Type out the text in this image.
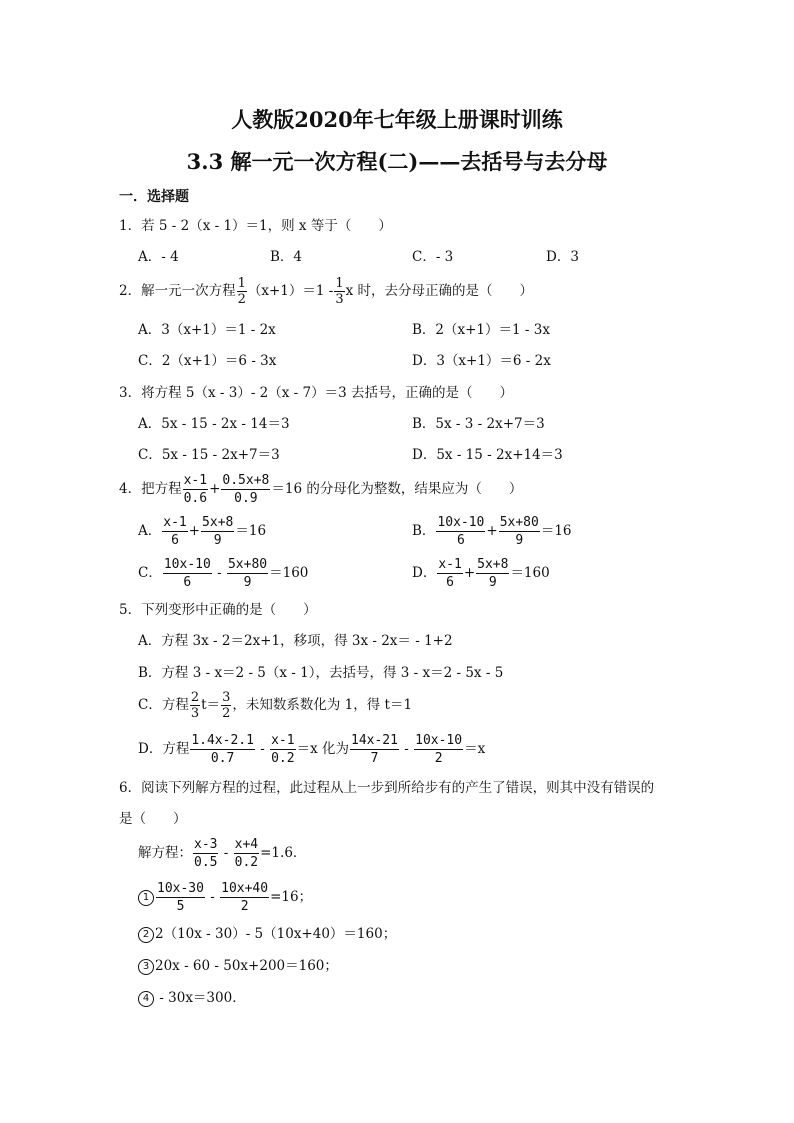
人教版2020年七年级上册课时训练
3.3 解一元一次方程(二)——去括号与去分母
一．选择题
1．若 5 - 2（x - 1）＝1，则 x 等于（　　）
A．- 4	B．4	C．- 3	D．3
2．解一元一次方程 $\frac{1}{2} (x+1)=1 - \frac{1}{3}$ x 时，去分母正确的是（　　）
A．3（x+1）＝1 - 2x	B．2（x+1）＝1 - 3x
C．2（x+1）＝6 - 3x	D．3（x+1）＝6 - 2x
3．将方程 5（x - 3）- 2（x - 7）＝3 去括号，正确的是（　　）
A．5x - 15 - 2x - 14＝3	B．5x - 3 - 2x+7＝3
C．5x - 15 - 2x+7＝3	D．5x - 15 - 2x+14＝3
4．把方程 $\frac{x-1}{0.6} + \frac{0.5x+8}{0.9} =16$ 的分母化为整数，结果应为（　　）
A． $\frac{x-1}{6} + \frac{5x+8}{9} =16$	B． $\frac{10x-10}{6} + \frac{5x+80}{9} =16$
C． $\frac{10x-10}{6} - \frac{5x+80}{9} =160$	D． $\frac{x-1}{6} + \frac{5x+8}{9} =160$
5．下列变形中正确的是（　　）
A．方程 3x - 2＝2x+1，移项，得 3x - 2x＝ - 1+2
B．方程 3 - x＝2 - 5（x - 1），去括号，得 3 - x＝2 - 5x - 5
C．方程 $\frac{2}{3} t= \frac{3}{2}$ ，未知数系数化为 1，得 t＝1
D．方程 $\frac{1.4x-2.1}{0.7} - \frac{x-1}{0.2} =x$ 化为 $\frac{14x-21}{7} - \frac{10x-10}{2} =x$
6．阅读下列解方程的过程，此过程从上一步到所给步有的产生了错误，则其中没有错误的
是（　　）
解方程： $\frac{x-3}{0.5} - \frac{x+4}{0.2} =1.6$．
$1 \frac{10x-30}{5} - \frac{10x+40}{2} =16$；
2 2（10x - 30）- 5（10x+40）＝160；
3 20x - 60 - 50x+200＝160；
4 - 30x＝300．
